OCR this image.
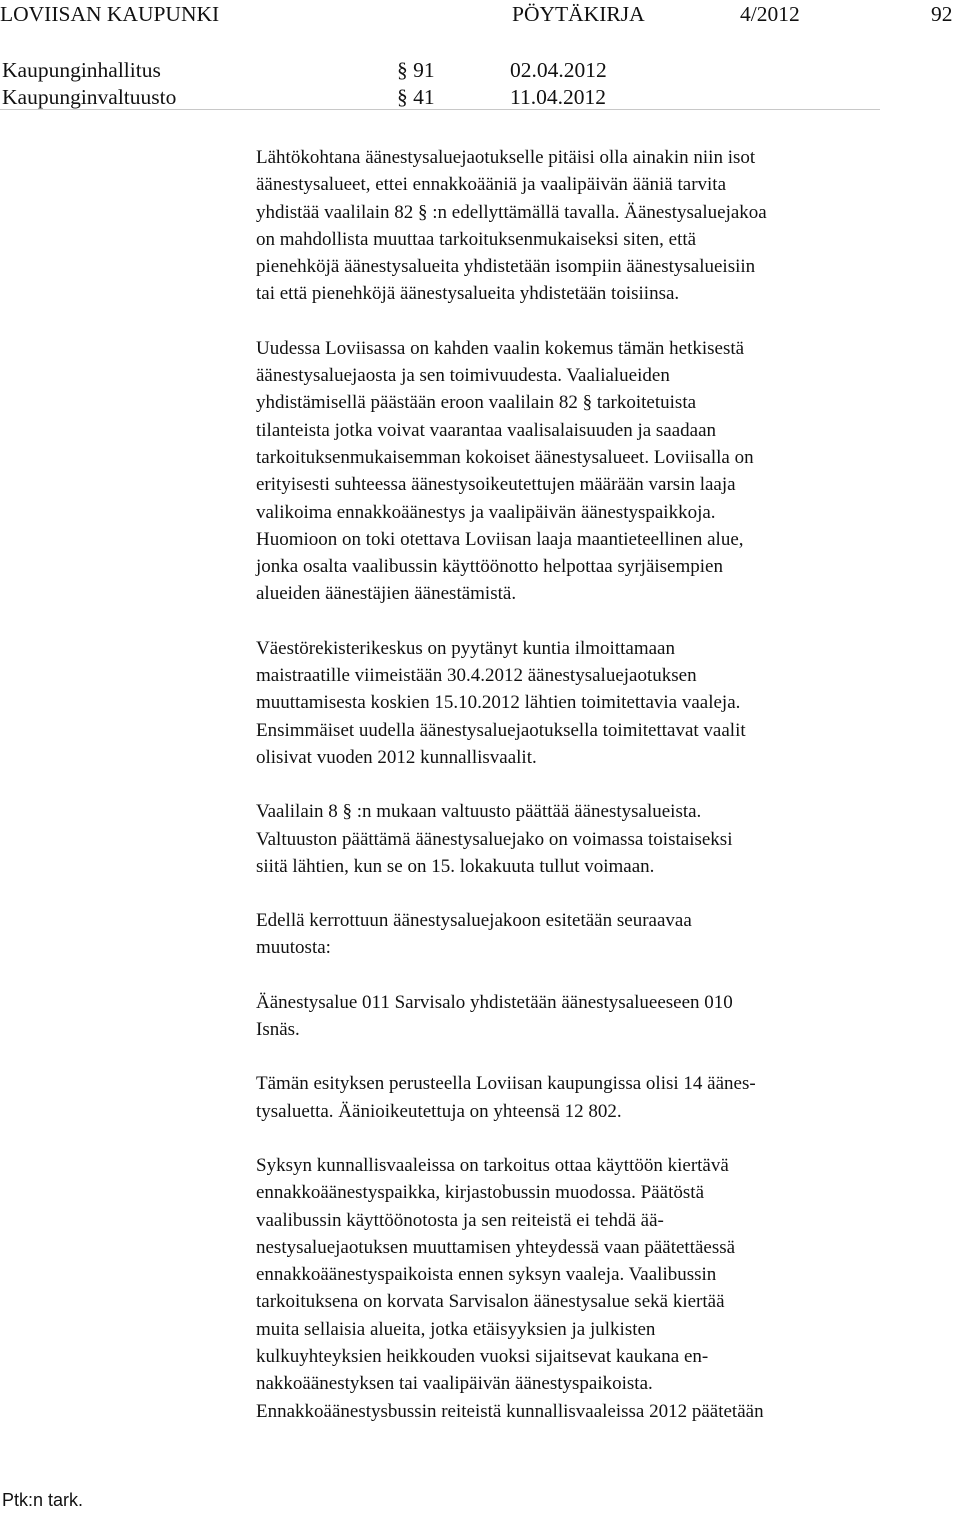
LOVIISAN KAUPUNKI	PÖYTÄKIRJA	4/2012	92
Kaupunginhallitus	§ 91	02.04.2012
Kaupunginvaltuusto	§ 41	11.04.2012
Lähtökohtana äänestysaluejaotukselle pitäisi olla ainakin niin isot
äänestysalueet, ettei ennakkoääniä ja vaalipäivän ääniä tarvita
yhdistää vaalilain 82 § :n edellyttämällä tavalla. Äänestysaluejakoa
on mahdollista muuttaa tarkoituksenmukaiseksi siten, että
pienehköjä äänestysalueita yhdistetään isompiin äänestysalueisiin
tai että pienehköjä äänestysalueita yhdistetään toisiinsa.
Uudessa Loviisassa on kahden vaalin kokemus tämän hetkisestä
äänestysaluejaosta ja sen toimivuudesta. Vaalialueiden
yhdistämisellä päästään eroon vaalilain 82 § tarkoitetuista
tilanteista jotka voivat vaarantaa vaalisalaisuuden ja saadaan
tarkoituksenmukaisemman kokoiset äänestysalueet. Loviisalla on
erityisesti suhteessa äänestysoikeutettujen määrään varsin laaja
valikoima ennakkoäänestys ja vaalipäivän äänestyspaikkoja.
Huomioon on toki otettava Loviisan laaja maantieteellinen alue,
jonka osalta vaalibussin käyttöönotto helpottaa syrjäisempien
alueiden äänestäjien äänestämistä.
Väestörekisterikeskus on pyytänyt kuntia ilmoittamaan
maistraatille viimeistään 30.4.2012 äänestysaluejaotuksen
muuttamisesta koskien 15.10.2012 lähtien toimitettavia vaaleja.
Ensimmäiset uudella äänestysaluejaotuksella toimitettavat vaalit
olisivat vuoden 2012 kunnallisvaalit.
Vaalilain 8 § :n mukaan valtuusto päättää äänestysalueista.
Valtuuston päättämä äänestysaluejako on voimassa toistaiseksi
siitä lähtien, kun se on 15. lokakuuta tullut voimaan.
Edellä kerrottuun äänestysaluejakoon esitetään seuraavaa
muutosta:
Äänestysalue 011 Sarvisalo yhdistetään äänestysalueeseen 010
Isnäs.
Tämän esityksen perusteella Loviisan kaupungissa olisi 14 äänes-
tysaluetta. Äänioikeutettuja on yhteensä 12 802.
Syksyn kunnallisvaaleissa on tarkoitus ottaa käyttöön kiertävä
ennakkoäänestyspaikka, kirjastobussin muodossa. Päätöstä
vaalibussin käyttöönotosta ja sen reiteistä ei tehdä ää-
nestysaluejaotuksen muuttamisen yhteydessä vaan päätettäessä
ennakkoäänestyspaikoista ennen syksyn vaaleja. Vaalibussin
tarkoituksena on korvata Sarvisalon äänestysalue sekä kiertää
muita sellaisia alueita, jotka etäisyyksien ja julkisten
kulkuyhteyksien heikkouden vuoksi sijaitsevat kaukana en-
nakkoäänestyksen tai vaalipäivän äänestyspaikoista.
Ennakkoäänestysbussin reiteistä kunnallisvaaleissa 2012 päätetään
Ptk:n tark.
